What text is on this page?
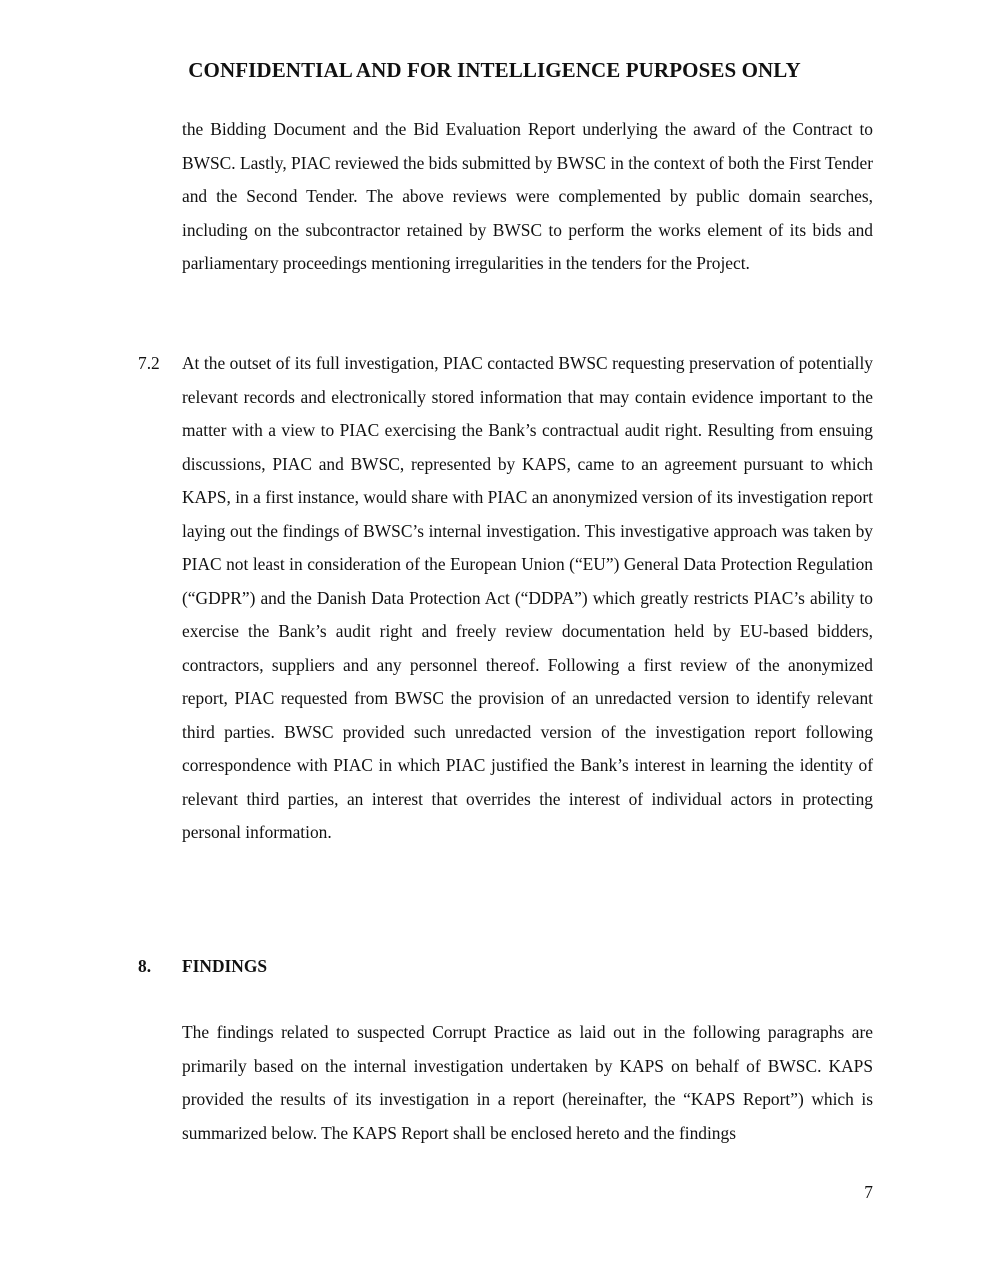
CONFIDENTIAL AND FOR INTELLIGENCE PURPOSES ONLY

the Bidding Document and the Bid Evaluation Report underlying the award of the Contract to BWSC. Lastly, PIAC reviewed the bids submitted by BWSC in the context of both the First Tender and the Second Tender. The above reviews were complemented by public domain searches, including on the subcontractor retained by BWSC to perform the works element of its bids and parliamentary proceedings mentioning irregularities in the tenders for the Project.

7.2 At the outset of its full investigation, PIAC contacted BWSC requesting preservation of potentially relevant records and electronically stored information that may contain evidence important to the matter with a view to PIAC exercising the Bank’s contractual audit right. Resulting from ensuing discussions, PIAC and BWSC, represented by KAPS, came to an agreement pursuant to which KAPS, in a first instance, would share with PIAC an anonymized version of its investigation report laying out the findings of BWSC’s internal investigation. This investigative approach was taken by PIAC not least in consideration of the European Union (“EU”) General Data Protection Regulation (“GDPR”) and the Danish Data Protection Act (“DDPA”) which greatly restricts PIAC’s ability to exercise the Bank’s audit right and freely review documentation held by EU-based bidders, contractors, suppliers and any personnel thereof. Following a first review of the anonymized report, PIAC requested from BWSC the provision of an unredacted version to identify relevant third parties. BWSC provided such unredacted version of the investigation report following correspondence with PIAC in which PIAC justified the Bank’s interest in learning the identity of relevant third parties, an interest that overrides the interest of individual actors in protecting personal information.

8. FINDINGS

The findings related to suspected Corrupt Practice as laid out in the following paragraphs are primarily based on the internal investigation undertaken by KAPS on behalf of BWSC. KAPS provided the results of its investigation in a report (hereinafter, the “KAPS Report”) which is summarized below. The KAPS Report shall be enclosed hereto and the findings

7
